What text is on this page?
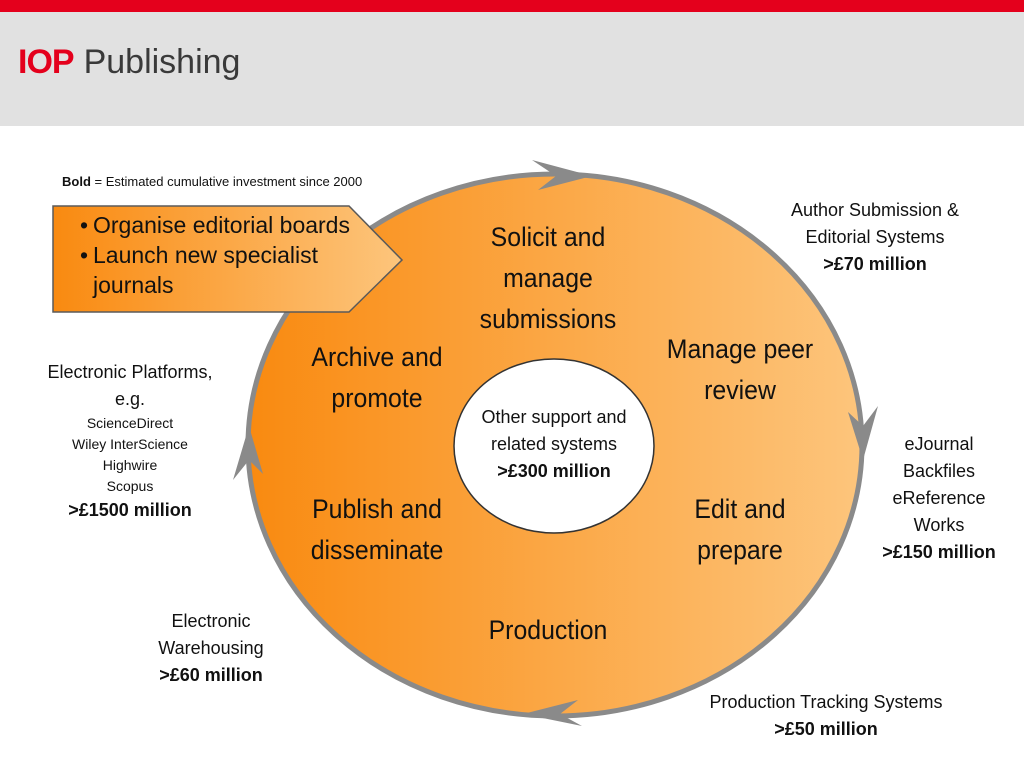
IOP Publishing
Bold = Estimated cumulative investment since 2000
• Organise editorial boards
• Launch new specialist journals
Solicit and manage submissions
Manage peer review
Edit and prepare
Production
Publish and disseminate
Archive and promote
Other support and
related systems
>£300 million
Author Submission &
Editorial Systems
>£70 million
eJournal
Backfiles
eReference
Works
>£150 million
Production Tracking Systems
>£50 million
Electronic
Warehousing
>£60 million
Electronic Platforms,
e.g.
ScienceDirect
Wiley InterScience
Highwire
Scopus
>£1500 million
